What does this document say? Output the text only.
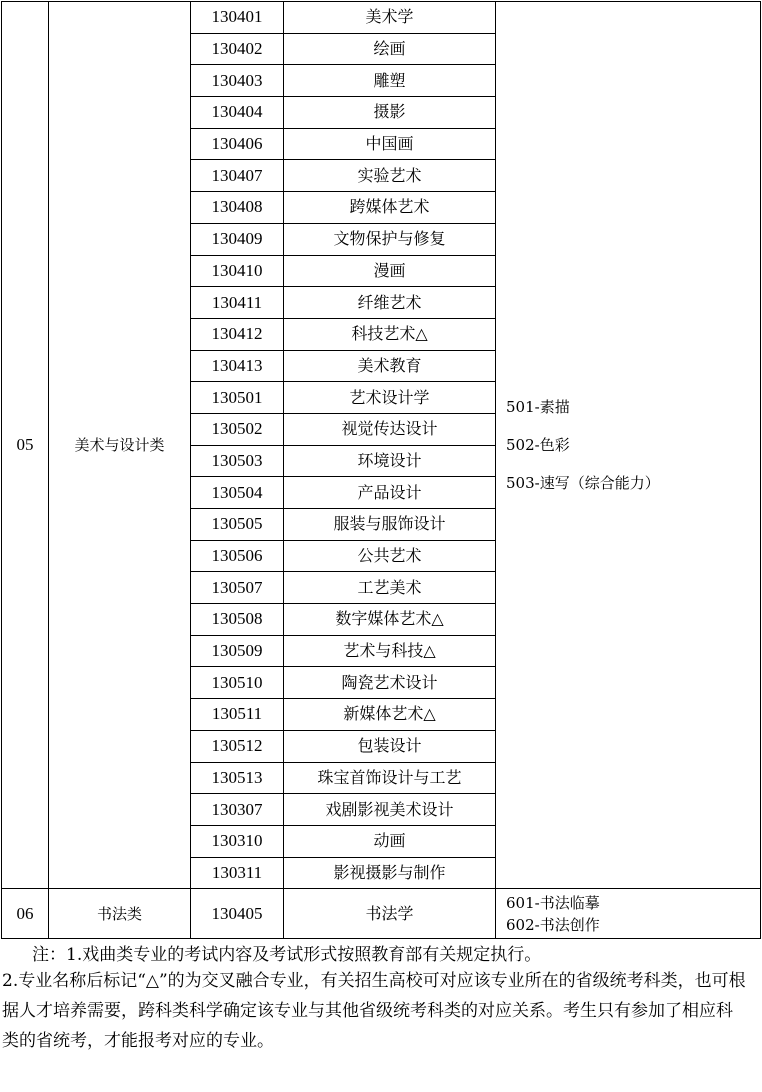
05	美术与设计类	130401	美术学	501-素描
502-色彩
503-速写（综合能力）

		130402	绘画	
		130403	雕塑	
		130404	摄影	
		130406	中国画	
		130407	实验艺术	
		130408	跨媒体艺术	
		130409	文物保护与修复	
		130410	漫画	
		130411	纤维艺术	
		130412	科技艺术△	
		130413	美术教育	
		130501	艺术设计学	
		130502	视觉传达设计	
		130503	环境设计	
		130504	产品设计	
		130505	服装与服饰设计	
		130506	公共艺术	
		130507	工艺美术	
		130508	数字媒体艺术△	
		130509	艺术与科技△	
		130510	陶瓷艺术设计	
		130511	新媒体艺术△	
		130512	包装设计	
		130513	珠宝首饰设计与工艺	
		130307	戏剧影视美术设计	
		130310	动画	
		130311	影视摄影与制作	
06	书法类	130405	书法学	601-书法临摹
602-书法创作

注：1.戏曲类专业的考试内容及考试形式按照教育部有关规定执行。

2.专业名称后标记“△”的为交叉融合专业，有关招生高校可对应该专业所在的省级统考科类，也可根据人才培养需要，跨科类科学确定该专业与其他省级统考科类的对应关系。考生只有参加了相应科类的省统考，才能报考对应的专业。
